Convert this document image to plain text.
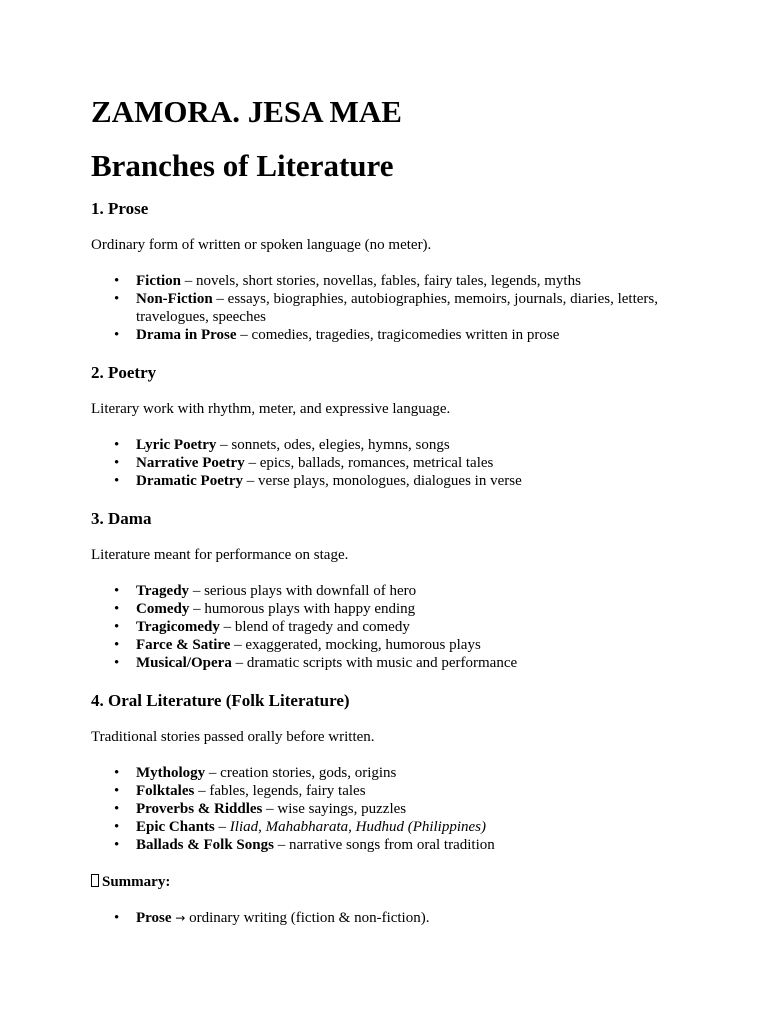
ZAMORA. JESA MAE
Branches of Literature
1. Prose

Ordinary form of written or spoken language (no meter).

• Fiction – novels, short stories, novellas, fables, fairy tales, legends, myths
• Non-Fiction – essays, biographies, autobiographies, memoirs, journals, diaries, letters, travelogues, speeches
• Drama in Prose – comedies, tragedies, tragicomedies written in prose
2. Poetry

Literary work with rhythm, meter, and expressive language.

• Lyric Poetry – sonnets, odes, elegies, hymns, songs
• Narrative Poetry – epics, ballads, romances, metrical tales
• Dramatic Poetry – verse plays, monologues, dialogues in verse
3. Dama

Literature meant for performance on stage.

• Tragedy – serious plays with downfall of hero
• Comedy – humorous plays with happy ending
• Tragicomedy – blend of tragedy and comedy
• Farce & Satire – exaggerated, mocking, humorous plays
• Musical/Opera – dramatic scripts with music and performance
4. Oral Literature (Folk Literature)

Traditional stories passed orally before written.

• Mythology – creation stories, gods, origins
• Folktales – fables, legends, fairy tales
• Proverbs & Riddles – wise sayings, puzzles
• Epic Chants – Iliad, Mahabharata, Hudhud (Philippines)
• Ballads & Folk Songs – narrative songs from oral tradition

Summary:

• Prose → ordinary writing (fiction & non-fiction).
